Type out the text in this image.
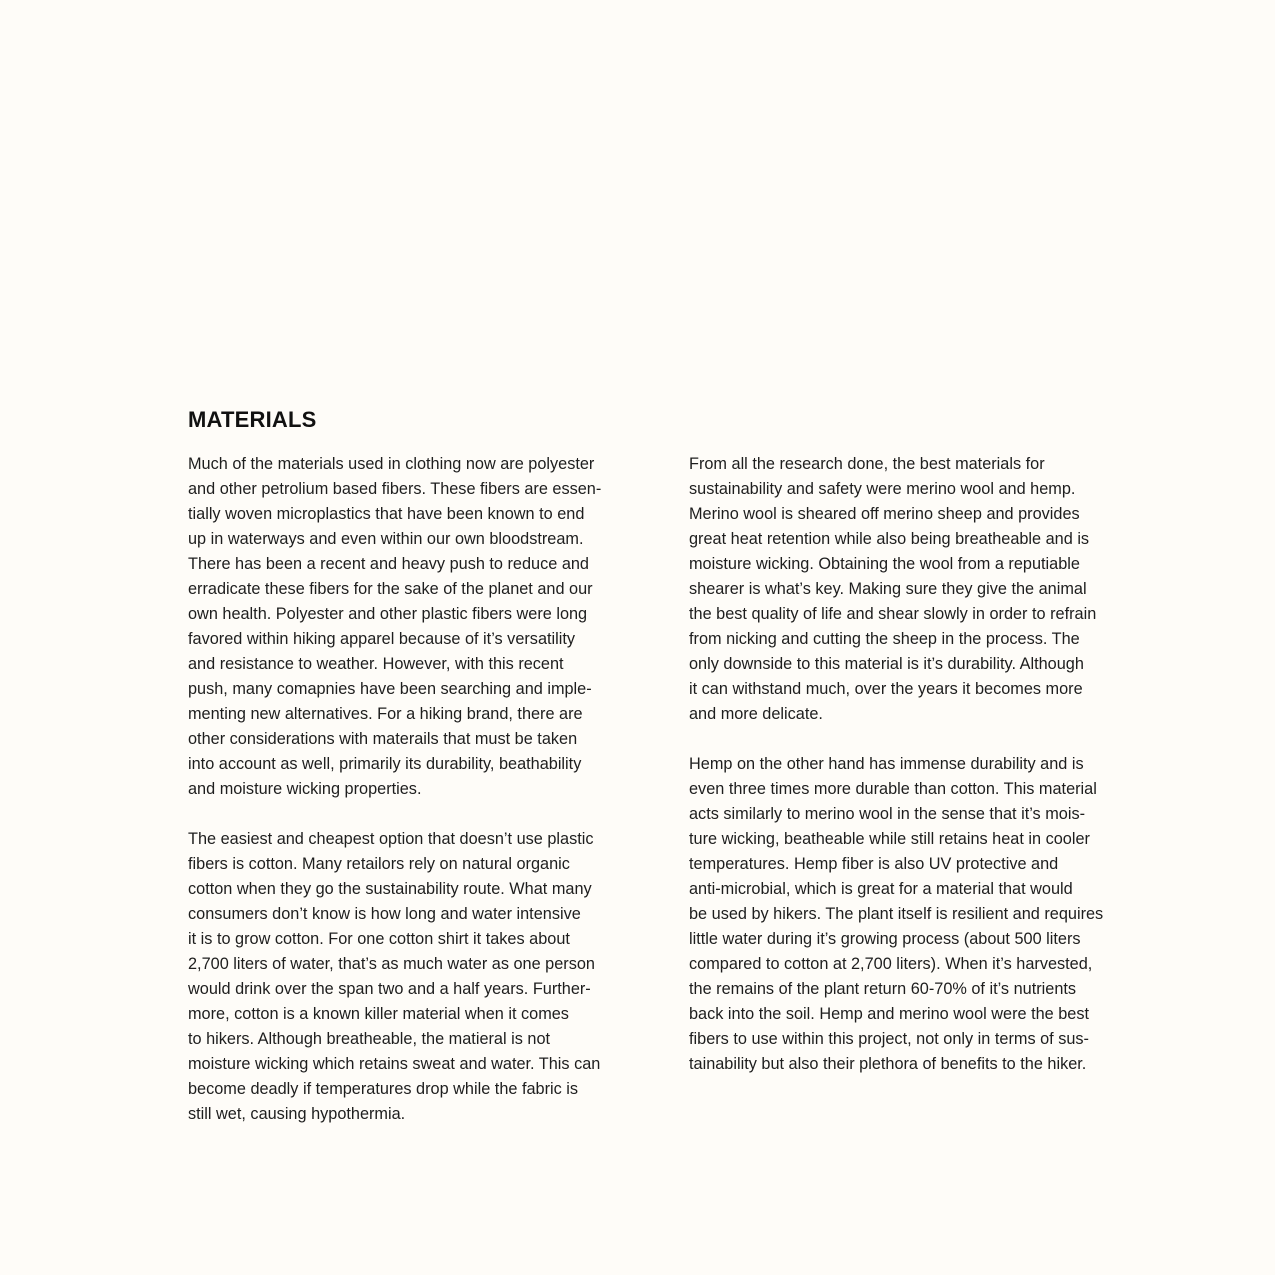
MATERIALS

Much of the materials used in clothing now are polyester
and other petrolium based fibers. These fibers are essen-
tially woven microplastics that have been known to end
up in waterways and even within our own bloodstream.
There has been a recent and heavy push to reduce and
erradicate these fibers for the sake of the planet and our
own health. Polyester and other plastic fibers were long
favored within hiking apparel because of it’s versatility
and resistance to weather. However, with this recent
push, many comapnies have been searching and imple-
menting new alternatives. For a hiking brand, there are
other considerations with materails that must be taken
into account as well, primarily its durability, beathability
and moisture wicking properties.

The easiest and cheapest option that doesn’t use plastic
fibers is cotton. Many retailors rely on natural organic
cotton when they go the sustainability route. What many
consumers don’t know is how long and water intensive
it is to grow cotton. For one cotton shirt it takes about
2,700 liters of water, that’s as much water as one person
would drink over the span two and a half years. Further-
more, cotton is a known killer material when it comes
to hikers. Although breatheable, the matieral is not
moisture wicking which retains sweat and water. This can
become deadly if temperatures drop while the fabric is
still wet, causing hypothermia.

From all the research done, the best materials for
sustainability and safety were merino wool and hemp.
Merino wool is sheared off merino sheep and provides
great heat retention while also being breatheable and is
moisture wicking. Obtaining the wool from a reputiable
shearer is what’s key. Making sure they give the animal
the best quality of life and shear slowly in order to refrain
from nicking and cutting the sheep in the process. The
only downside to this material is it’s durability. Although
it can withstand much, over the years it becomes more
and more delicate.

Hemp on the other hand has immense durability and is
even three times more durable than cotton. This material
acts similarly to merino wool in the sense that it’s mois-
ture wicking, beatheable while still retains heat in cooler
temperatures. Hemp fiber is also UV protective and
anti-microbial, which is great for a material that would
be used by hikers. The plant itself is resilient and requires
little water during it’s growing process (about 500 liters
compared to cotton at 2,700 liters). When it’s harvested,
the remains of the plant return 60-70% of it’s nutrients
back into the soil. Hemp and merino wool were the best
fibers to use within this project, not only in terms of sus-
tainability but also their plethora of benefits to the hiker.
